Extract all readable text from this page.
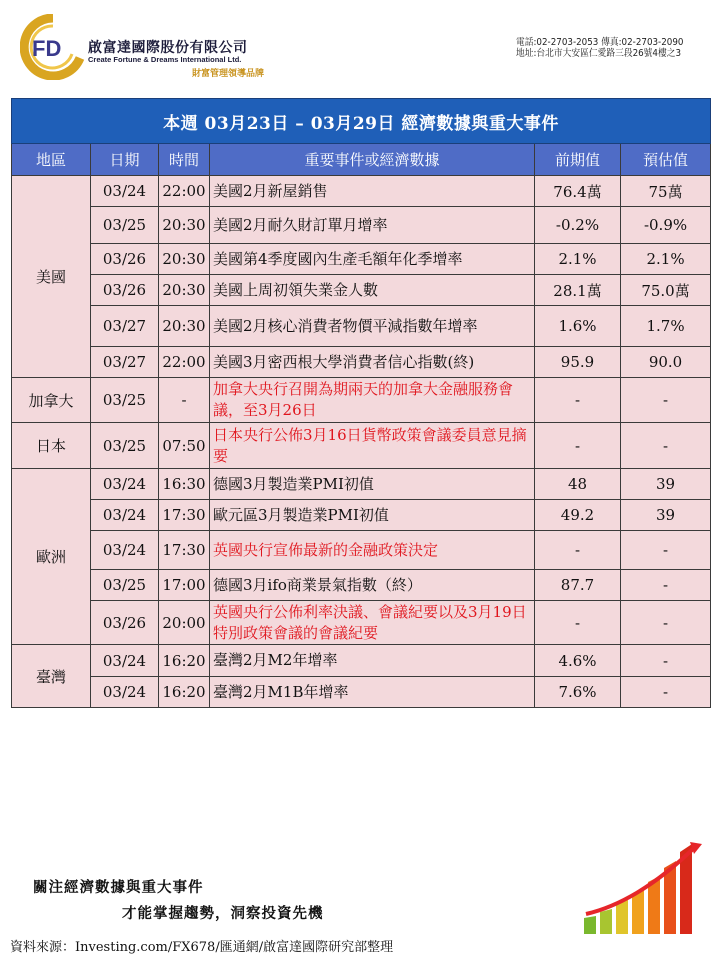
FD 啟富達國際股份有限公司
Create Fortune & Dreams International Ltd.
財富管理領導品牌
電話:02-2703-2053 傳真:02-2703-2090
地址:台北市大安區仁愛路三段26號4樓之3
本週 03月23日 – 03月29日 經濟數據與重大事件					
地區	日期	時間	重要事件或經濟數據	前期值	預估值
美國	03/24	22:00	美國2月新屋銷售	76.4萬	75萬
	03/25	20:30	美國2月耐久財訂單月增率	-0.2%	-0.9%
	03/26	20:30	美國第4季度國內生產毛額年化季增率	2.1%	2.1%
	03/26	20:30	美國上周初領失業金人數	28.1萬	75.0萬
	03/27	20:30	美國2月核心消費者物價平減指數年增率	1.6%	1.7%
	03/27	22:00	美國3月密西根大學消費者信心指數(終)	95.9	90.0
加拿大	03/25	-	加拿大央行召開為期兩天的加拿大金融服務會議，至3月26日	-	-
日本	03/25	07:50	日本央行公佈3月16日貨幣政策會議委員意見摘要	-	-
歐洲	03/24	16:30	德國3月製造業PMI初值	48	39
	03/24	17:30	歐元區3月製造業PMI初值	49.2	39
	03/24	17:30	英國央行宣佈最新的金融政策決定	-	-
	03/25	17:00	德國3月ifo商業景氣指數（終）	87.7	-
	03/26	20:00	英國央行公佈利率決議、會議紀要以及3月19日特別政策會議的會議紀要	-	-
臺灣	03/24	16:20	臺灣2月M2年增率	4.6%	-
	03/24	16:20	臺灣2月M1B年增率	7.6%	-
關注經濟數據與重大事件
才能掌握趨勢，洞察投資先機
資料來源：Investing.com/FX678/匯通網/啟富達國際研究部整理
